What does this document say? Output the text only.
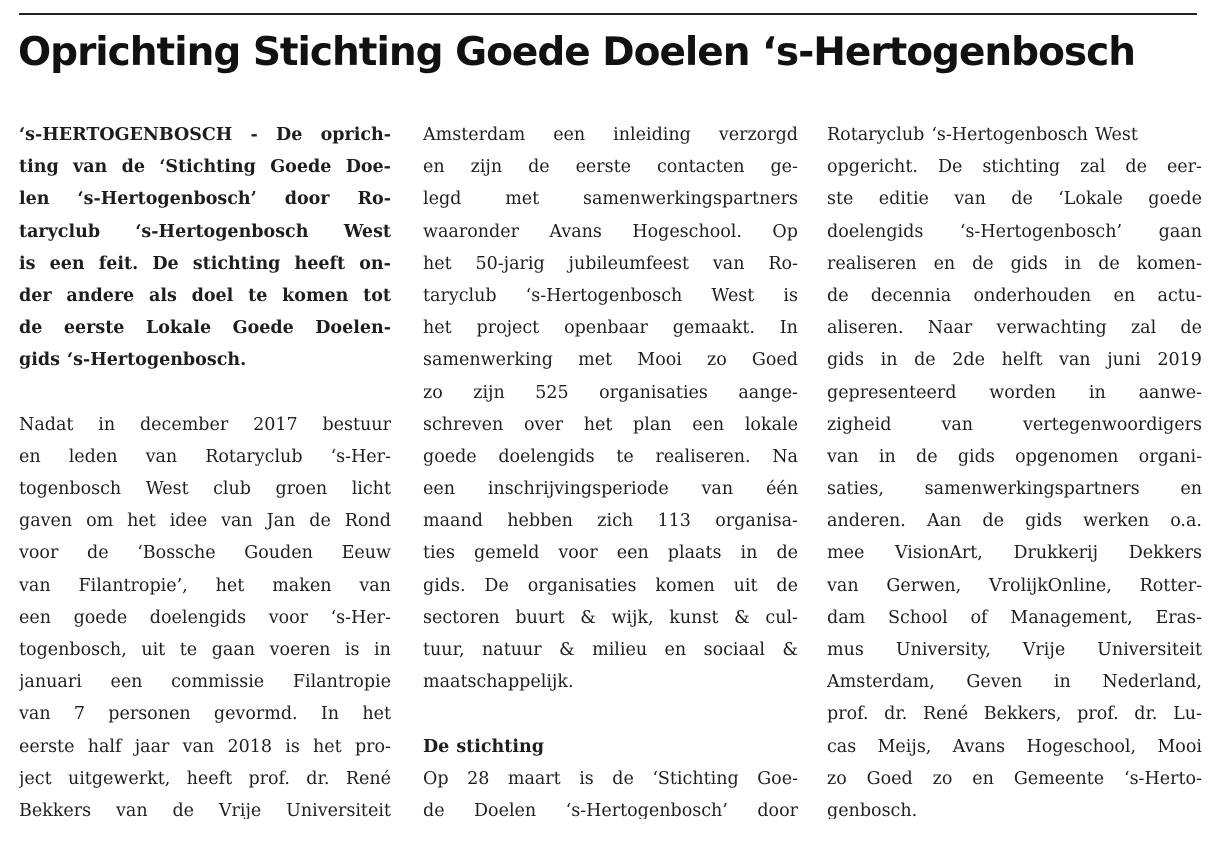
Oprichting Stichting Goede Doelen ‘s-Hertogenbosch
‘s-HERTOGENBOSCH - De oprich-
ting van de ‘Stichting Goede Doe-
len ‘s-Hertogenbosch’ door Ro-
taryclub ‘s-Hertogenbosch West
is een feit. De stichting heeft on-
der andere als doel te komen tot
de eerste Lokale Goede Doelen-
gids ‘s-Hertogenbosch.
Nadat in december 2017 bestuur
en leden van Rotaryclub ‘s-Her-
togenbosch West club groen licht
gaven om het idee van Jan de Rond
voor de ‘Bossche Gouden Eeuw
van Filantropie’, het maken van
een goede doelengids voor ‘s-Her-
togenbosch, uit te gaan voeren is in
januari een commissie Filantropie
van 7 personen gevormd. In het
eerste half jaar van 2018 is het pro-
ject uitgewerkt, heeft prof. dr. René
Bekkers van de Vrije Universiteit
Amsterdam een inleiding verzorgd
en zijn de eerste contacten ge-
legd	met	samenwerkingspartners
waaronder Avans Hogeschool. Op
het 50-jarig jubileumfeest van Ro-
taryclub ‘s-Hertogenbosch West is
het project openbaar gemaakt. In
samenwerking met Mooi zo Goed
zo zijn 525 organisaties aange-
schreven over het plan een lokale
goede doelengids te realiseren. Na
een inschrijvingsperiode van één
maand hebben zich 113 organisa-
ties gemeld voor een plaats in de
gids. De organisaties komen uit de
sectoren buurt & wijk, kunst & cul-
tuur, natuur & milieu en sociaal &
maatschappelijk.
De stichting
Op 28 maart is de ‘Stichting Goe-
de Doelen ‘s-Hertogenbosch’ door
Rotaryclub ‘s-Hertogenbosch West
opgericht. De stichting zal de eer-
ste editie van de ‘Lokale goede
doelengids ‘s-Hertogenbosch’ gaan
realiseren en de gids in de komen-
de decennia onderhouden en actu-
aliseren. Naar verwachting zal de
gids in de 2de helft van juni 2019
gepresenteerd worden in aanwe-
zigheid	van	vertegenwoordigers
van in de gids opgenomen organi-
saties, samenwerkingspartners en
anderen. Aan de gids werken o.a.
mee VisionArt, Drukkerij Dekkers
van Gerwen, VrolijkOnline, Rotter-
dam School of Management, Eras-
mus University, Vrije Universiteit
Amsterdam, Geven in Nederland,
prof. dr. René Bekkers, prof. dr. Lu-
cas Meijs, Avans Hogeschool, Mooi
zo Goed zo en Gemeente ‘s-Herto-
genbosch.
